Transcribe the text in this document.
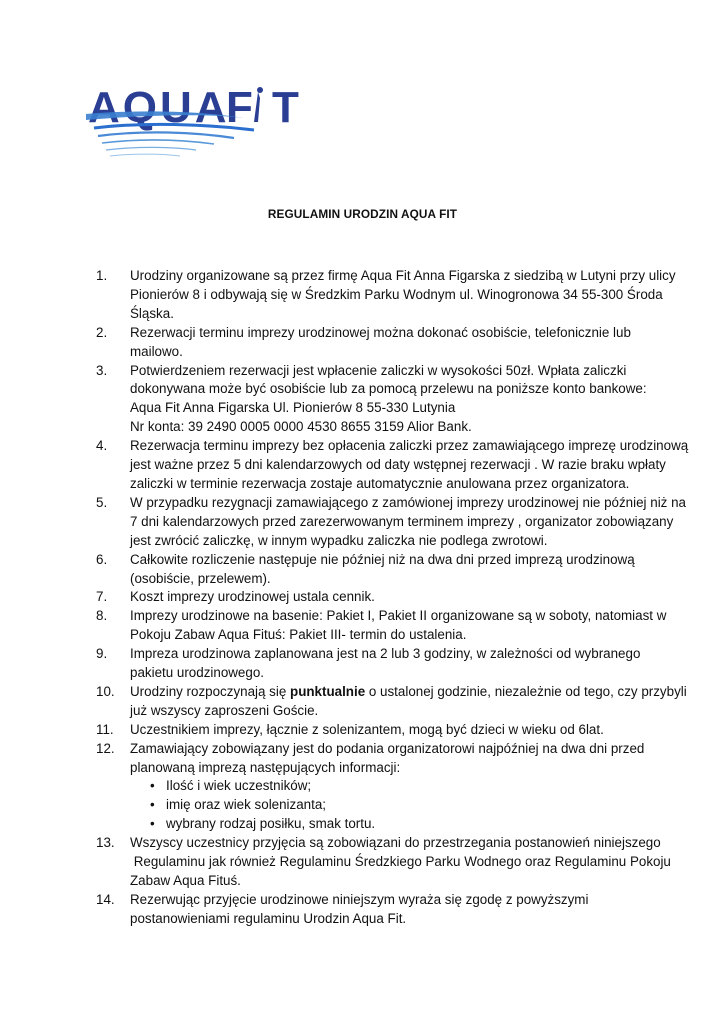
AQUA
F T
REGULAMIN URODZIN AQUA FIT
1.	Urodziny organizowane są przez firmę Aqua Fit Anna Figarska z siedzibą w Lutyni przy ulicy
Pionierów 8 i odbywają się w Średzkim Parku Wodnym ul. Winogronowa 34 55-300 Środa
Śląska.
2.	Rezerwacji terminu imprezy urodzinowej można dokonać osobiście, telefonicznie lub
mailowo.
3.	Potwierdzeniem rezerwacji jest wpłacenie zaliczki w wysokości 50zł. Wpłata zaliczki
dokonywana może być osobiście lub za pomocą przelewu na poniższe konto bankowe:
Aqua Fit Anna Figarska Ul. Pionierów 8 55-330 Lutynia
Nr konta: 39 2490 0005 0000 4530 8655 3159 Alior Bank.
4.	Rezerwacja terminu imprezy bez opłacenia zaliczki przez zamawiającego imprezę urodzinową
jest ważne przez 5 dni kalendarzowych od daty wstępnej rezerwacji . W razie braku wpłaty
zaliczki w terminie rezerwacja zostaje automatycznie anulowana przez organizatora.
5.	W przypadku rezygnacji zamawiającego z zamówionej imprezy urodzinowej nie później niż na
7 dni kalendarzowych przed zarezerwowanym terminem imprezy , organizator zobowiązany
jest zwrócić zaliczkę, w innym wypadku zaliczka nie podlega zwrotowi.
6.	Całkowite rozliczenie następuje nie później niż na dwa dni przed imprezą urodzinową
(osobiście, przelewem).
7.	Koszt imprezy urodzinowej ustala cennik.
8.	Imprezy urodzinowe na basenie: Pakiet I, Pakiet II organizowane są w soboty, natomiast w
Pokoju Zabaw Aqua Fituś: Pakiet III- termin do ustalenia.
9.	Impreza urodzinowa zaplanowana jest na 2 lub 3 godziny, w zależności od wybranego
pakietu urodzinowego.
10.	Urodziny rozpoczynają się punktualnie o ustalonej godzinie, niezależnie od tego, czy przybyli
już wszyscy zaproszeni Goście.
11.	Uczestnikiem imprezy, łącznie z solenizantem, mogą być dzieci w wieku od 6lat.
12.	Zamawiający zobowiązany jest do podania organizatorowi najpóźniej na dwa dni przed
planowaną imprezą następujących informacji:
• Ilość i wiek uczestników;
• imię oraz wiek solenizanta;
• wybrany rodzaj posiłku, smak tortu.
13.	Wszyscy uczestnicy przyjęcia są zobowiązani do przestrzegania postanowień niniejszego
Regulaminu jak również Regulaminu Średzkiego Parku Wodnego oraz Regulaminu Pokoju
Zabaw Aqua Fituś.
14.	Rezerwując przyjęcie urodzinowe niniejszym wyraża się zgodę z powyższymi
postanowieniami regulaminu Urodzin Aqua Fit.
